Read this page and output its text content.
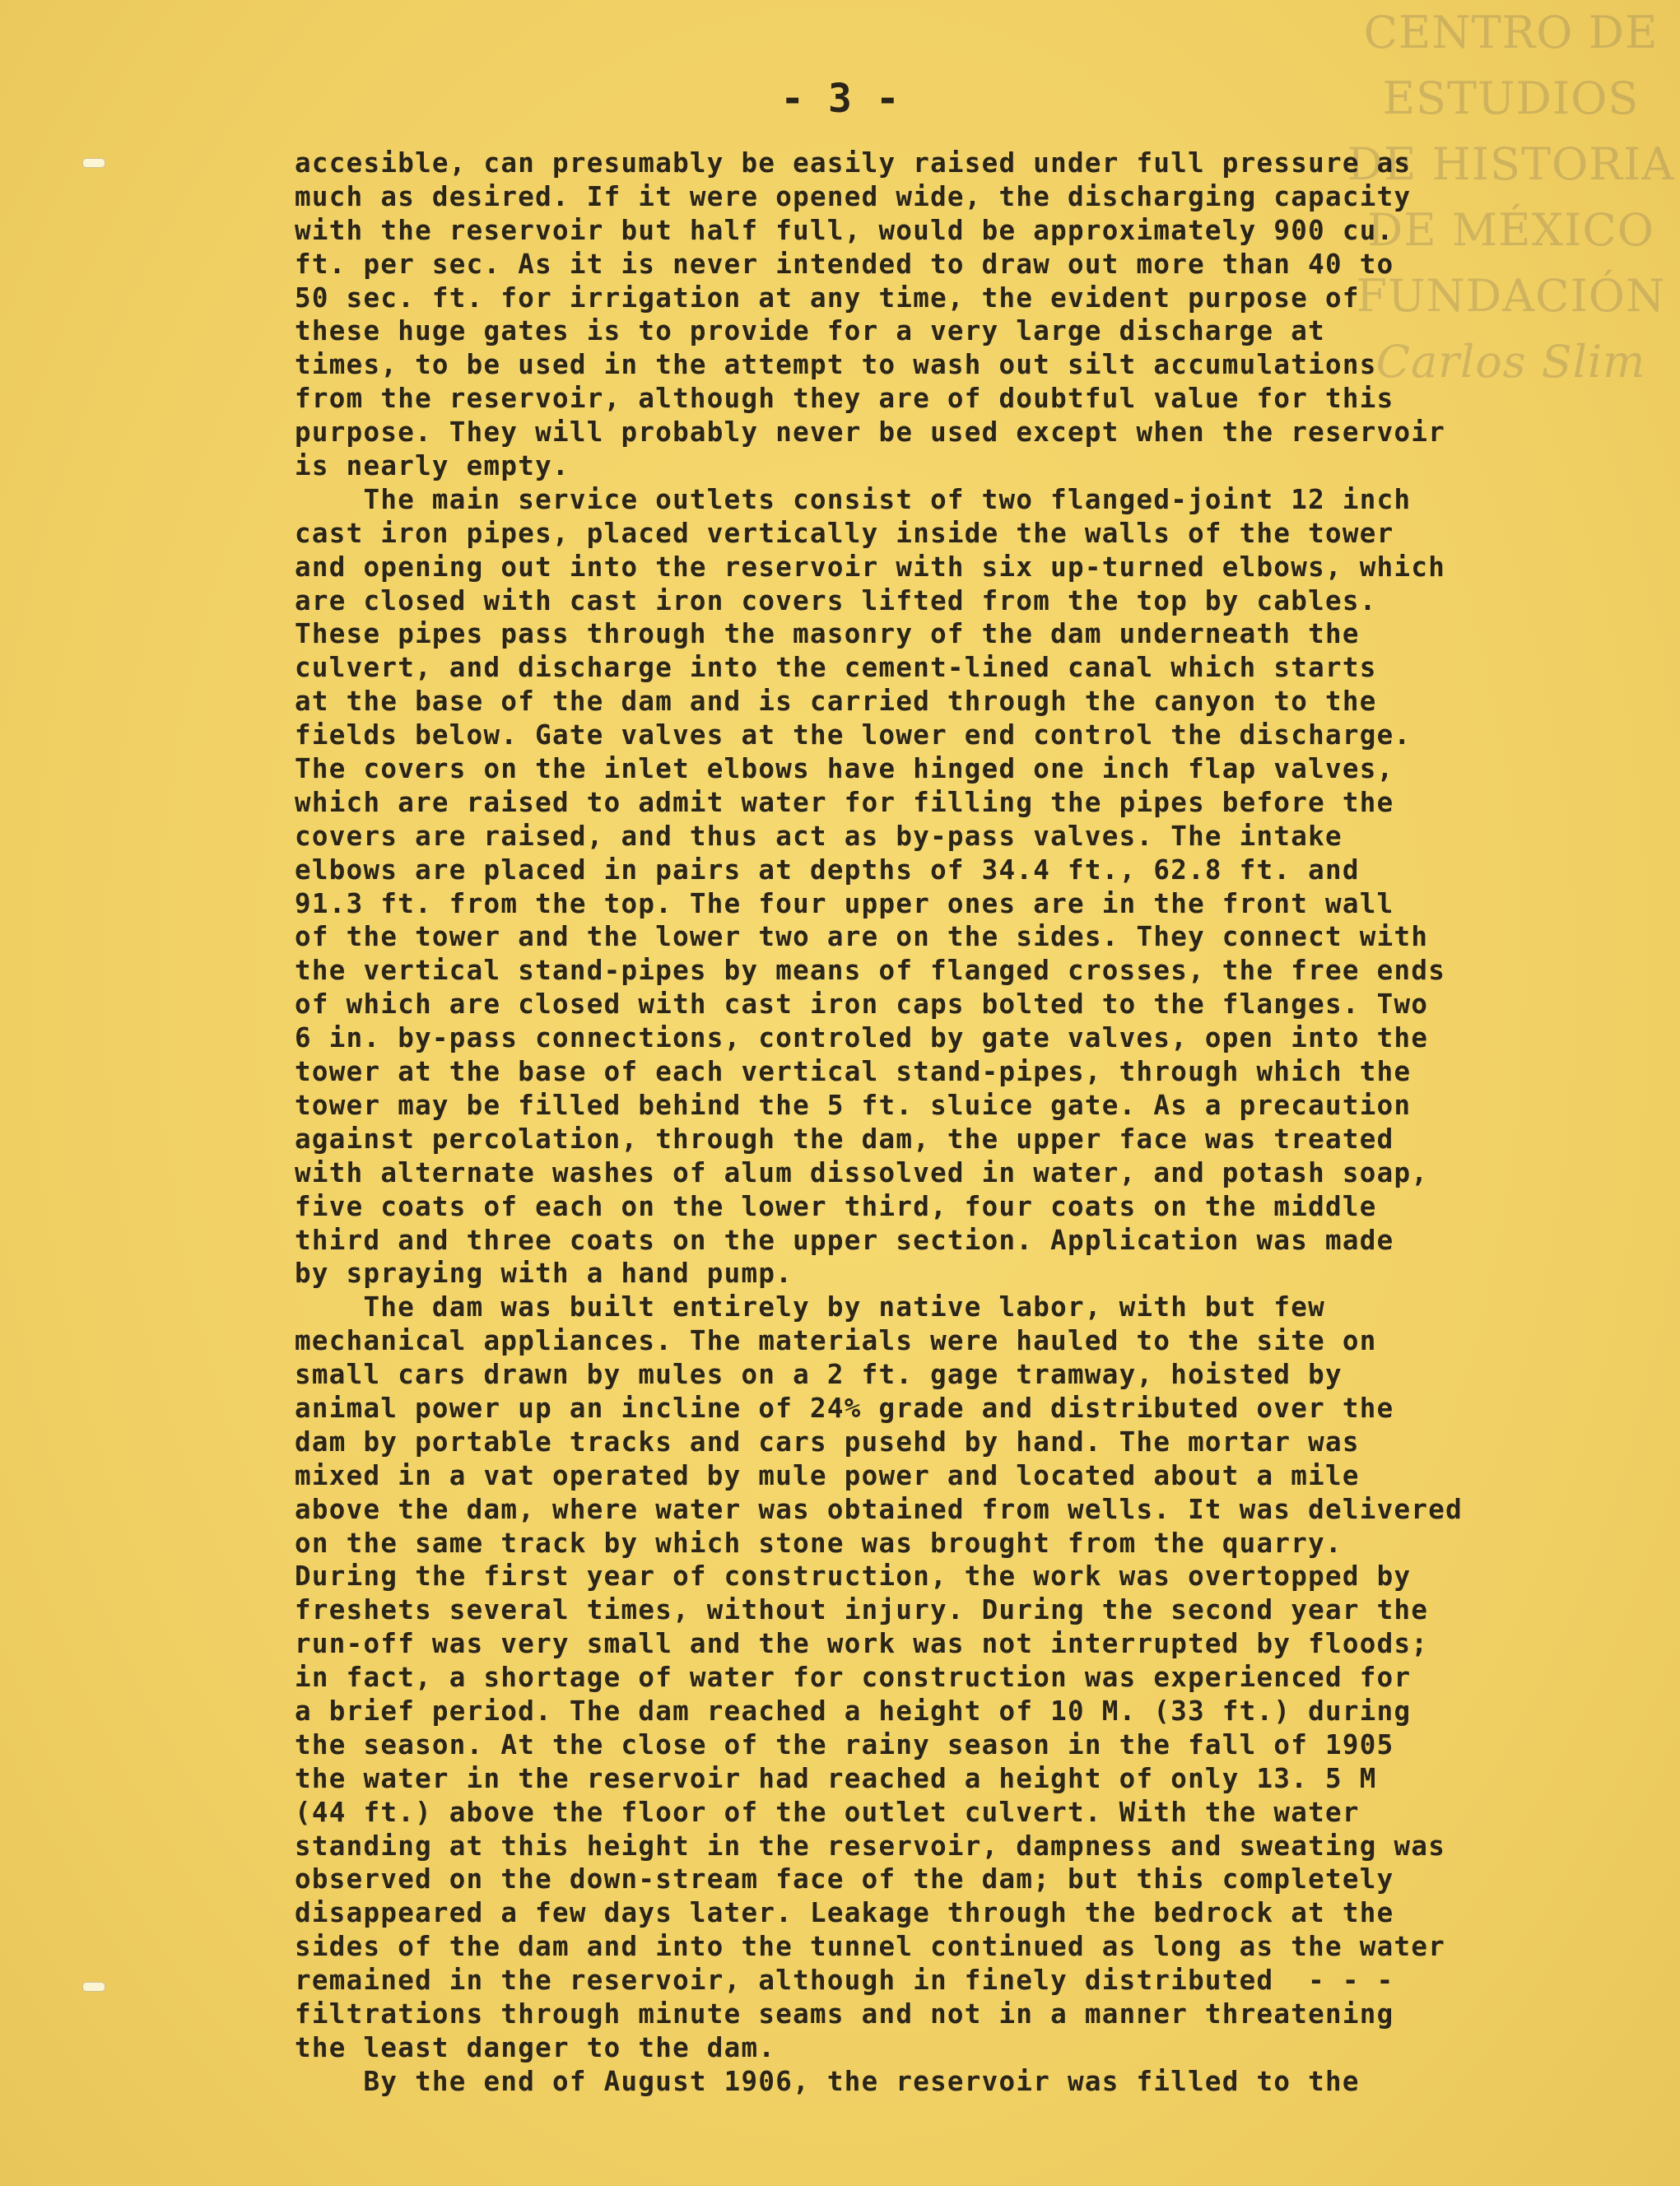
CENTRO DE
ESTUDIOS
DE HISTORIA
DE MÉXICO
FUNDACIÓN
Carlos Slim
- 3 -
accesible, can presumably be easily raised under full pressure as
much as desired. If it were opened wide, the discharging capacity
with the reservoir but half full, would be approximately 900 cu.
ft. per sec. As it is never intended to draw out more than 40 to
50 sec. ft. for irrigation at any time, the evident purpose of
these huge gates is to provide for a very large discharge at
times, to be used in the attempt to wash out silt accumulations
from the reservoir, although they are of doubtful value for this
purpose. They will probably never be used except when the reservoir
is nearly empty.
The main service outlets consist of two flanged-joint 12 inch
cast iron pipes, placed vertically inside the walls of the tower
and opening out into the reservoir with six up-turned elbows, which
are closed with cast iron covers lifted from the top by cables.
These pipes pass through the masonry of the dam underneath the
culvert, and discharge into the cement-lined canal which starts
at the base of the dam and is carried through the canyon to the
fields below. Gate valves at the lower end control the discharge.
The covers on the inlet elbows have hinged one inch flap valves,
which are raised to admit water for filling the pipes before the
covers are raised, and thus act as by-pass valves. The intake
elbows are placed in pairs at depths of 34.4 ft., 62.8 ft. and
91.3 ft. from the top. The four upper ones are in the front wall
of the tower and the lower two are on the sides. They connect with
the vertical stand-pipes by means of flanged crosses, the free ends
of which are closed with cast iron caps bolted to the flanges. Two
6 in. by-pass connections, controled by gate valves, open into the
tower at the base of each vertical stand-pipes, through which the
tower may be filled behind the 5 ft. sluice gate. As a precaution
against percolation, through the dam, the upper face was treated
with alternate washes of alum dissolved in water, and potash soap,
five coats of each on the lower third, four coats on the middle
third and three coats on the upper section. Application was made
by spraying with a hand pump.
The dam was built entirely by native labor, with but few
mechanical appliances. The materials were hauled to the site on
small cars drawn by mules on a 2 ft. gage tramway, hoisted by
animal power up an incline of 24% grade and distributed over the
dam by portable tracks and cars pusehd by hand. The mortar was
mixed in a vat operated by mule power and located about a mile
above the dam, where water was obtained from wells. It was delivered
on the same track by which stone was brought from the quarry.
During the first year of construction, the work was overtopped by
freshets several times, without injury. During the second year the
run-off was very small and the work was not interrupted by floods;
in fact, a shortage of water for construction was experienced for
a brief period. The dam reached a height of 10 M. (33 ft.) during
the season. At the close of the rainy season in the fall of 1905
the water in the reservoir had reached a height of only 13. 5 M
(44 ft.) above the floor of the outlet culvert. With the water
standing at this height in the reservoir, dampness and sweating was
observed on the down-stream face of the dam; but this completely
disappeared a few days later. Leakage through the bedrock at the
sides of the dam and into the tunnel continued as long as the water
remained in the reservoir, although in finely distributed  - - -
filtrations through minute seams and not in a manner threatening
the least danger to the dam.
By the end of August 1906, the reservoir was filled to the
